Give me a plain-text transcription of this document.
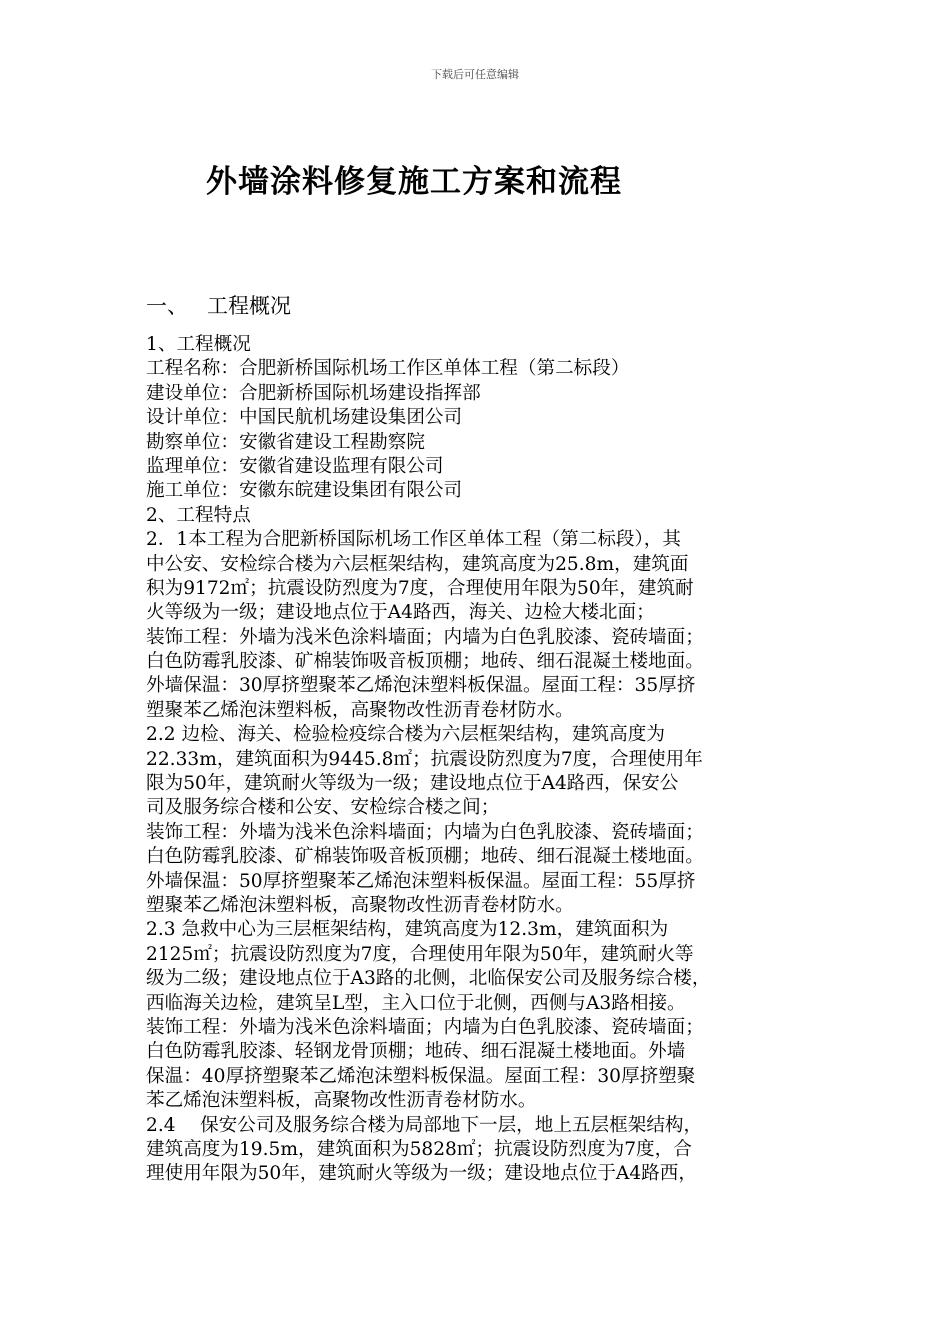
下载后可任意编辑
外墙涂料修复施工方案和流程
一、 工程概况
1、工程概况
工程名称：合肥新桥国际机场工作区单体工程（第二标段）
建设单位：合肥新桥国际机场建设指挥部
设计单位：中国民航机场建设集团公司
勘察单位：安徽省建设工程勘察院
监理单位：安徽省建设监理有限公司
施工单位：安徽东皖建设集团有限公司
2、工程特点
2．1本工程为合肥新桥国际机场工作区单体工程（第二标段），其
中公安、安检综合楼为六层框架结构，建筑高度为25.8m，建筑面
积为9172㎡；抗震设防烈度为7度，合理使用年限为50年，建筑耐
火等级为一级；建设地点位于A4路西，海关、边检大楼北面；
装饰工程：外墙为浅米色涂料墙面；内墙为白色乳胶漆、瓷砖墙面；
白色防霉乳胶漆、矿棉装饰吸音板顶棚；地砖、细石混凝土楼地面。
外墙保温：30厚挤塑聚苯乙烯泡沫塑料板保温。屋面工程：35厚挤
塑聚苯乙烯泡沫塑料板，高聚物改性沥青卷材防水。
2.2 边检、海关、检验检疫综合楼为六层框架结构，建筑高度为
22.33m，建筑面积为9445.8㎡；抗震设防烈度为7度，合理使用年
限为50年，建筑耐火等级为一级；建设地点位于A4路西，保安公
司及服务综合楼和公安、安检综合楼之间；
装饰工程：外墙为浅米色涂料墙面；内墙为白色乳胶漆、瓷砖墙面；
白色防霉乳胶漆、矿棉装饰吸音板顶棚；地砖、细石混凝土楼地面。
外墙保温：50厚挤塑聚苯乙烯泡沫塑料板保温。屋面工程：55厚挤
塑聚苯乙烯泡沫塑料板，高聚物改性沥青卷材防水。
2.3 急救中心为三层框架结构，建筑高度为12.3m，建筑面积为
2125㎡；抗震设防烈度为7度，合理使用年限为50年，建筑耐火等
级为二级；建设地点位于A3路的北侧，北临保安公司及服务综合楼，
西临海关边检，建筑呈L型，主入口位于北侧，西侧与A3路相接。
装饰工程：外墙为浅米色涂料墙面；内墙为白色乳胶漆、瓷砖墙面；
白色防霉乳胶漆、轻钢龙骨顶棚；地砖、细石混凝土楼地面。外墙
保温：40厚挤塑聚苯乙烯泡沫塑料板保温。屋面工程：30厚挤塑聚
苯乙烯泡沫塑料板，高聚物改性沥青卷材防水。
2.4　 保安公司及服务综合楼为局部地下一层，地上五层框架结构，
建筑高度为19.5m，建筑面积为5828㎡；抗震设防烈度为7度，合
理使用年限为50年，建筑耐火等级为一级；建设地点位于A4路西，
